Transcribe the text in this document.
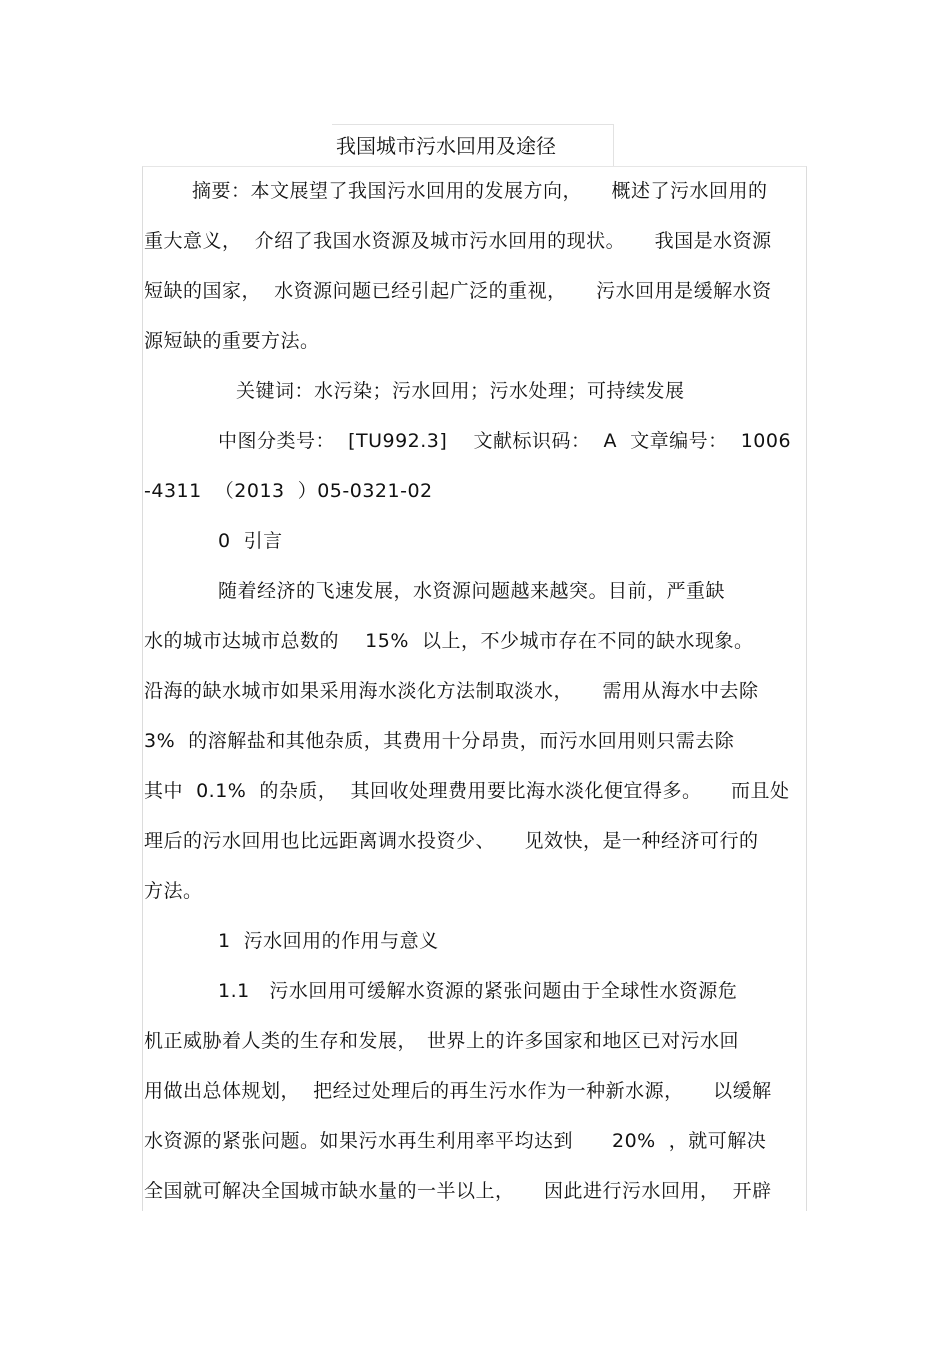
我国城市污水回用及途径
摘要：本文展望了我国污水回用的发展方向，　　概述了污水回用的
重大意义，  介绍了我国水资源及城市污水回用的现状。　　我国是水资源
短缺的国家，  水资源问题已经引起广泛的重视，　　污水回用是缓解水资
源短缺的重要方法。
关键词：水污染；污水回用；污水处理；可持续发展
中图分类号：  [TU992.3]    文献标识码：  A  文章编号：  1006
-4311  （2013  ）05-0321-02
0  引言
随着经济的飞速发展，水资源问题越来越突。目前，严重缺
水的城市达城市总数的    15%  以上，不少城市存在不同的缺水现象。
沿海的缺水城市如果采用海水淡化方法制取淡水，　　需用从海水中去除
3%  的溶解盐和其他杂质，其费用十分昂贵，而污水回用则只需去除
其中  0.1%  的杂质，  其回收处理费用要比海水淡化便宜得多。　　而且处
理后的污水回用也比远距离调水投资少、　　见效快，是一种经济可行的
方法。
1  污水回用的作用与意义
1.1   污水回用可缓解水资源的紧张问题由于全球性水资源危
机正威胁着人类的生存和发展，　世界上的许多国家和地区已对污水回
用做出总体规划，  把经过处理后的再生污水作为一种新水源，　　以缓解
水资源的紧张问题。如果污水再生利用率平均达到　　20%  ，就可解决
全国就可解决全国城市缺水量的一半以上，　　因此进行污水回用，  开辟
